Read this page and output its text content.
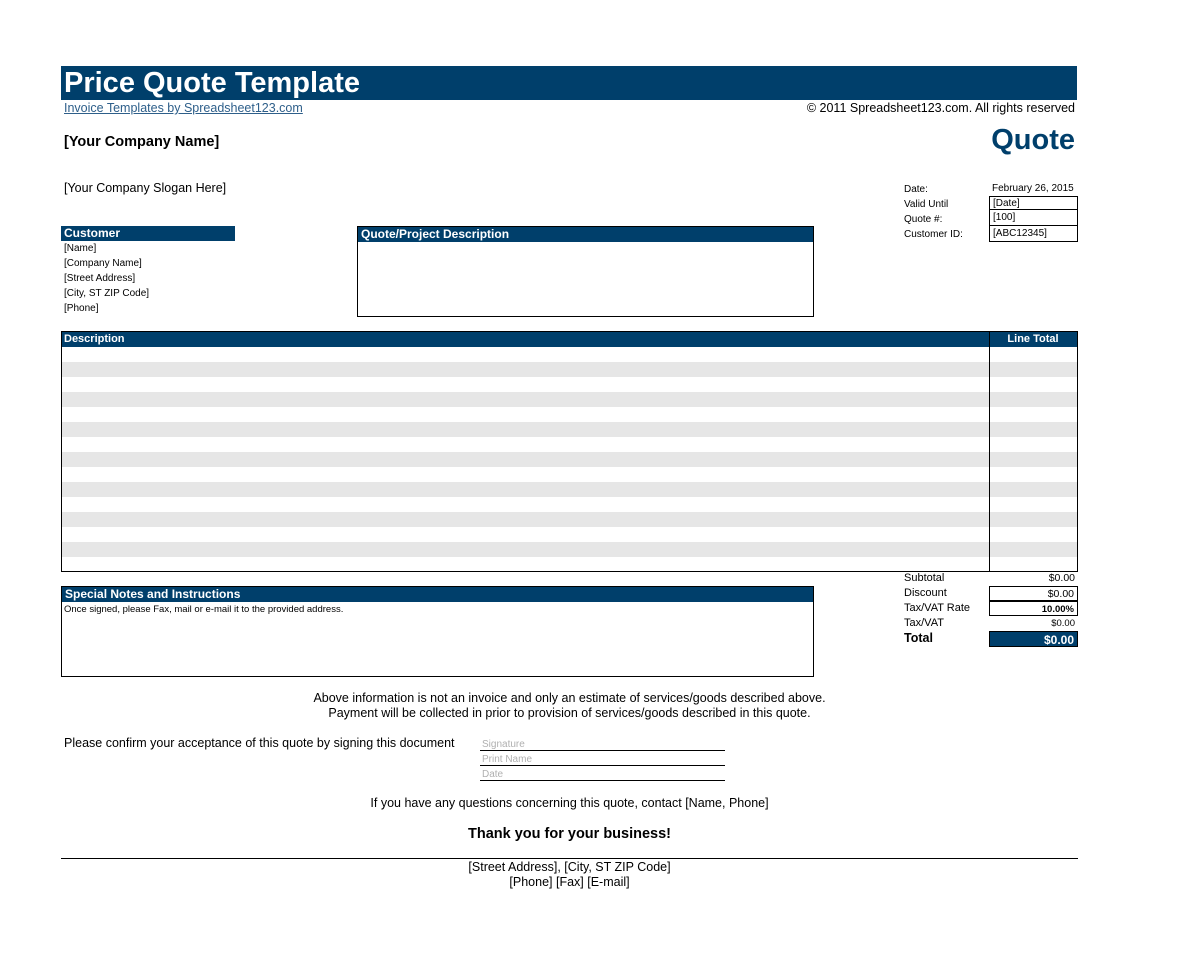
Price Quote Template
Invoice Templates by Spreadsheet123.com	© 2011 Spreadsheet123.com. All rights reserved
[Your Company Name]	Quote
[Your Company Slogan Here]	Date:	February 26, 2015
Valid Until	[Date]
Quote #:	[100]
Customer ID:	[ABC12345]
Customer
[Name]
[Company Name]
[Street Address]
[City, ST ZIP Code]
[Phone]
Quote/Project Description
Description	Line Total
Special Notes and Instructions
Once signed, please Fax, mail or e-mail it to the provided address.
Subtotal	$0.00
Discount	$0.00
Tax/VAT Rate	10.00%
Tax/VAT	$0.00
Total	$0.00
Above information is not an invoice and only an estimate of services/goods described above.
Payment will be collected in prior to provision of services/goods described in this quote.
Please confirm your acceptance of this quote by signing this document	Signature
Print Name
Date
If you have any questions concerning this quote, contact [Name, Phone]
Thank you for your business!
[Street Address], [City, ST ZIP Code]
[Phone] [Fax] [E-mail]
